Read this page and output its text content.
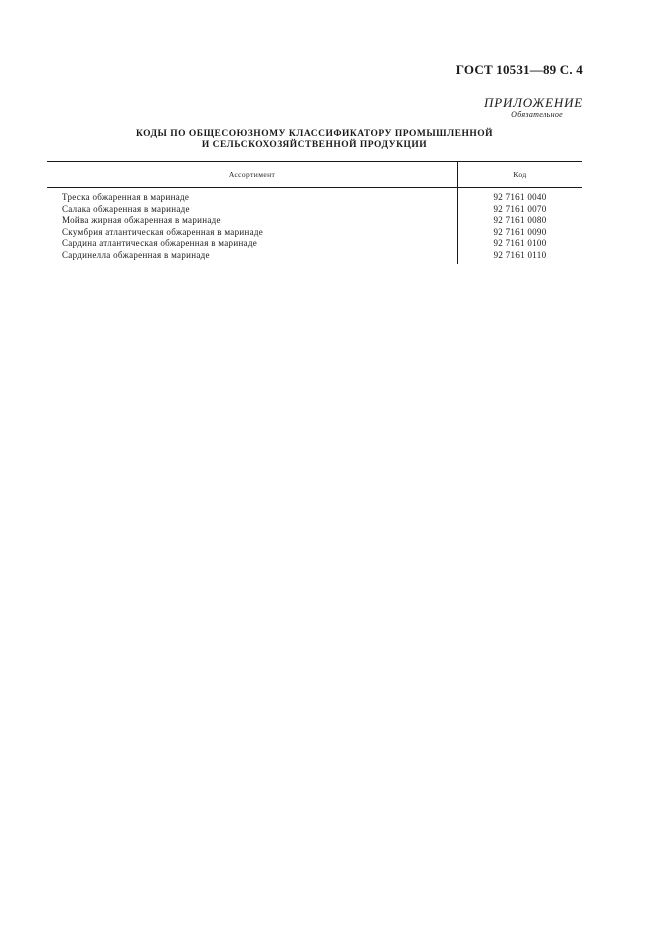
ГОСТ 10531—89 С. 4
ПРИЛОЖЕНИЕ
Обязательное
КОДЫ ПО ОБЩЕСОЮЗНОМУ КЛАССИФИКАТОРУ ПРОМЫШЛЕННОЙ
И СЕЛЬСКОХОЗЯЙСТВЕННОЙ ПРОДУКЦИИ
Ассортимент	Код
Треска обжаренная в маринаде
Салака обжаренная в маринаде
Мойва жирная обжаренная в маринаде
Скумбрия атлантическая обжаренная в маринаде
Сардина атлантическая обжаренная в маринаде
Сардинелла обжаренная в маринаде
92 7161 0040
92 7161 0070
92 7161 0080
92 7161 0090
92 7161 0100
92 7161 0110
